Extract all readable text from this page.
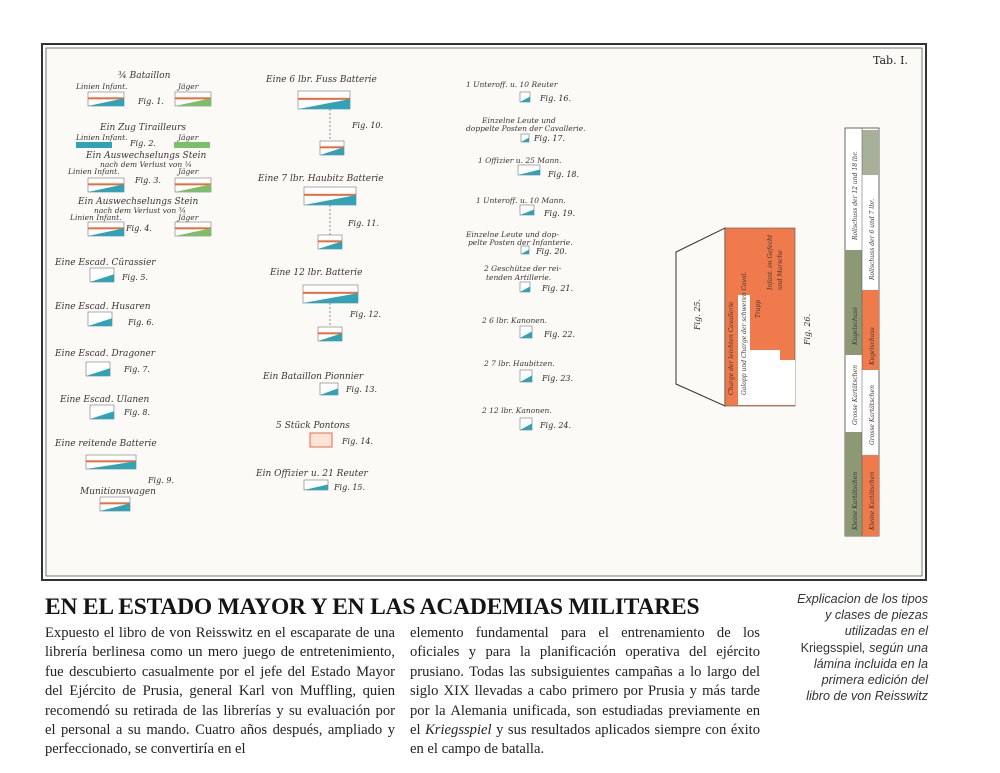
Tab. I.
¾ Bataillon
Linien Infant.	Jäger
Fig. 1.
Ein Zug Tirailleurs
Linien Infant.	Jäger
Fig. 2.
Ein Auswechselungs Stein
nach dem Verlust von ¼
Linien Infant.	Jäger
Fig. 3.
Ein Auswechselungs Stein
nach dem Verlust von ¾
Linien Infant.	Jäger
Fig. 4.
Eine Escad. Cürassier
Fig. 5.
Eine Escad. Husaren
Fig. 6.
Eine Escad. Dragoner
Fig. 7.
Eine Escad. Ulanen
Fig. 8.
Eine reitende Batterie
Fig. 9.
Munitionswagen
Eine 6 lbr. Fuss Batterie
Fig. 10.
Eine 7 lbr. Haubitz Batterie
Fig. 11.
Eine 12 lbr. Batterie
Fig. 12.
Ein Bataillon Pionnier
Fig. 13.
5 Stück Pontons
Fig. 14.
Ein Offizier u. 21 Reuter
Fig. 15.
1 Unteroff. u. 10 Reuter
Fig. 16.
Einzelne Leute und
doppelte Posten der Cavallerie.
Fig. 17.
1 Offizier u. 25 Mann.
Fig. 18.
1 Unteroff. u. 10 Mann.
Fig. 19.
Einzelne Leute und dop-
pelte Posten der Infanterie.
Fig. 20.
2 Geschütze der rei-
tenden Artillerie.
Fig. 21.
2 6 lbr. Kanonen.
Fig. 22.
2 7 lbr. Haubitzen.
Fig. 23.
2 12 lbr. Kanonen.
Fig. 24.
Fig. 25.	Charge der leichten Cavallerie Galopp und Charge der schweren Caval. Trapp
Infant. im Gefecht und Marsche
Fig. 26.
Kleine Kartätschen
Grosse Kartätschen
Kugelschuss
Rollschuss der 12 und 18 lbr.
Kleine Kartätschen
Grosse Kartätschen
Kugelschuss
Rollschuss der 6 und 7 lbr.
EN EL ESTADO MAYOR Y EN LAS ACADEMIAS MILITARES

Expuesto el libro de von Reisswitz en el escaparate de una librería berlinesa como un mero juego de entretenimiento, fue descubierto casualmente por el jefe del Estado Mayor del Ejército de Prusia, general Karl von Muffling, quien recomendó su retirada de las librerías y su evaluación por el personal a su mando. Cuatro años después, ampliado y perfeccionado, se convertiría en el

elemento fundamental para el entrenamiento de los oficiales y para la planificación operativa del ejército prusiano. Todas las subsiguientes campañas a lo largo del siglo XIX llevadas a cabo primero por Prusia y más tarde por la Alemania unificada, son estudiadas previamente en el Kriegsspiel y sus resultados aplicados siempre con éxito en el campo de batalla.

Explicacion de los tipos y clases de piezas utilizadas en el Kriegsspiel, según una lámina incluida en la primera edición del libro de von Reisswitz
